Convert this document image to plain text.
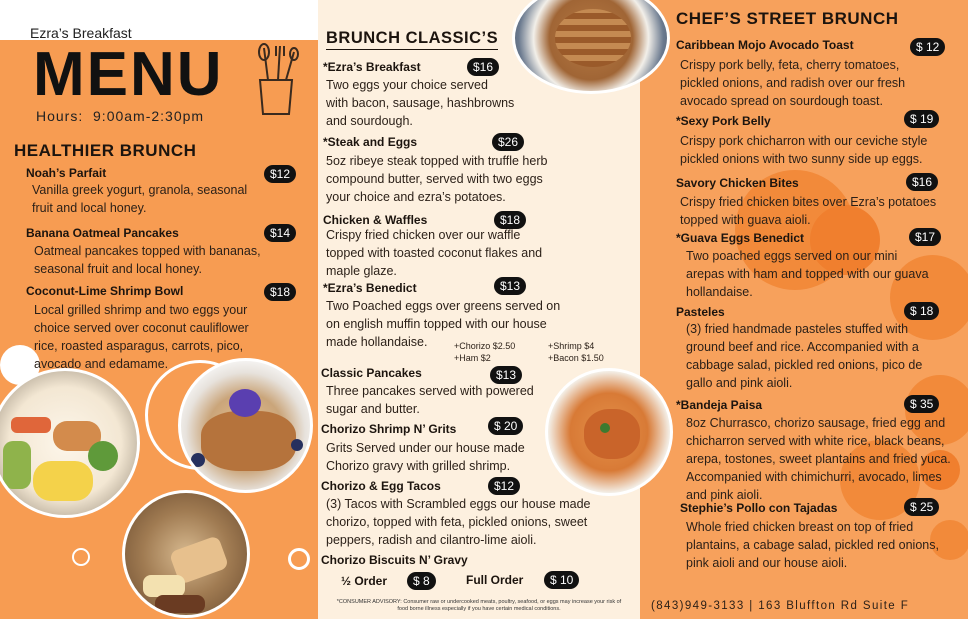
Ezra’s Breakfast
MENU
Hours:  9:00am-2:30pm
HEALTHIER BRUNCH
Noah’s Parfait	$12
Vanilla greek yogurt, granola, seasonal
fruit and local honey.
Banana Oatmeal Pancakes	$14
Oatmeal pancakes topped with bananas,
seasonal fruit and local honey.
Coconut-Lime Shrimp Bowl	$18
Local grilled shrimp and two eggs your
choice served over coconut cauliflower
rice, roasted asparagus, carrots, pico,
avocado and edamame.
BRUNCH CLASSIC’S
*Ezra’s Breakfast	$16
Two eggs your choice served
with bacon, sausage, hashbrowns
and sourdough.
*Steak and Eggs	$26
5oz ribeye steak topped with truffle herb
compound butter, served with two eggs
your choice and ezra’s potatoes.
Chicken & Waffles	$18
Crispy fried chicken over our waffle
topped with toasted coconut flakes and
maple glaze.
*Ezra’s Benedict	$13
Two Poached eggs over greens served on
on english muffin topped with our house
made hollandaise.	+Chorizo $2.50
+Ham $2
+Shrimp $4
+Bacon $1.50
Classic Pancakes	$13
Three pancakes served with powered
sugar and butter.
Chorizo Shrimp N’ Grits	$ 20
Grits Served under our house made
Chorizo gravy with grilled shrimp.
Chorizo & Egg Tacos	$12
(3) Tacos with Scrambled eggs our house made
chorizo, topped with feta, pickled onions, sweet
peppers, radish and cilantro-lime aioli.
Chorizo Biscuits N’ Gravy
½ Order	$ 8	Full Order	$ 10
CHEF’S STREET BRUNCH
Caribbean Mojo Avocado Toast	$ 12
Crispy pork belly, feta, cherry tomatoes,
pickled onions, and radish over our fresh
avocado spread on sourdough toast.
*Sexy Pork Belly	$ 19
Crispy pork chicharron with our ceviche style
pickled onions with two sunny side up eggs.
Savory Chicken Bites	$16
Crispy fried chicken bites over Ezra’s potatoes
topped with guava aioli.
*Guava Eggs Benedict	$17
Two poached eggs served on our mini
arepas with ham and topped with our guava
hollandaise.
Pasteles	$ 18
(3) fried handmade pasteles stuffed with
ground beef and rice. Accompanied with a
cabbage salad, pickled red onions, pico de
gallo and pink aioli.
*Bandeja Paisa	$ 35
8oz Churrasco, chorizo sausage, fried egg and
chicharron served with white rice, black beans,
arepa, tostones, sweet plantains and fried yuca.
Accompanied with chimichurri, avocado, limes
and pink aioli.
Stephie’s Pollo con Tajadas	$ 25
Whole fried chicken breast on top of fried
plantains, a cabage salad, pickled red onions,
pink aioli and our house aioli.
*CONSUMER ADVISORY: Consumer raw or undercooked meats, poultry, seafood, or eggs may increase your risk of
food borne illness especially if you have certain medical conditions.	(843)949-3133 | 163 Bluffton Rd Suite F
